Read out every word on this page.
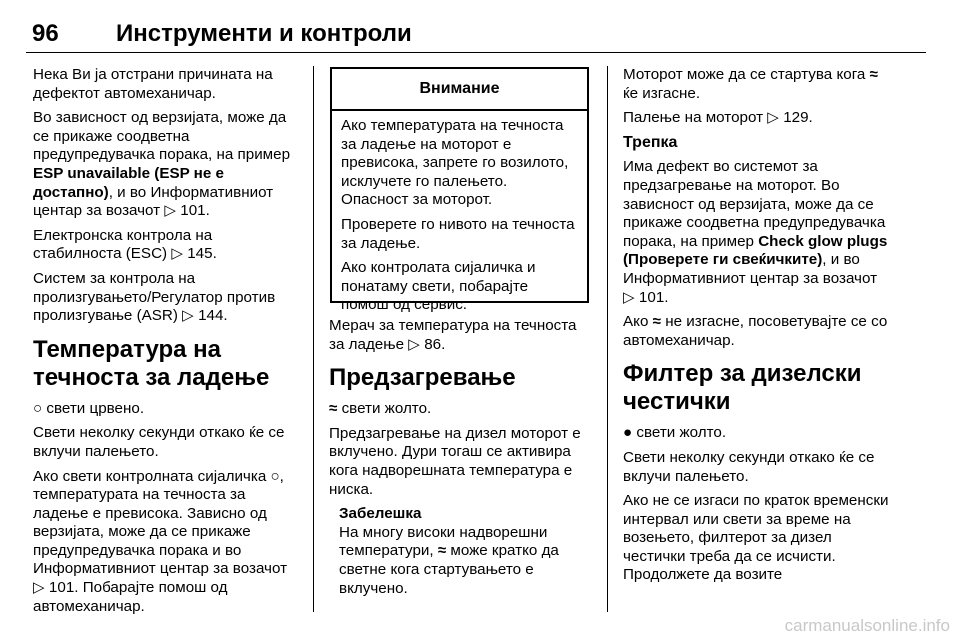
96 Инструменти и контроли

Нека Ви ја отстрани причината на дефектот автомеханичар.

Во зависност од верзијата, може да се прикаже соодветна предупредувачка порака, на пример ESP unavailable (ESP не е достапно), и во Информативниот центар за возачот ▷ 101.

Електронска контрола на стабилноста (ESC) ▷ 145.

Систем за контрола на пролизгувањето/Регулатор против пролизгување (ASR) ▷ 144.

Температура на течноста за ладење

○ свети црвено.

Свети неколку секунди откако ќе се вклучи палењето.

Ако свети контролната сијаличка ○, температурата на течноста за ладење е превисока. Зависно од верзијата, може да се прикаже предупредувачка порака и во Информативниот центар за возачот ▷ 101. Побарајте помош од автомеханичар.

Внимание

Ако температурата на течноста за ладење на моторот е превисока, запрете го возилото, исклучете го палењето. Опасност за моторот.

Проверете го нивото на течноста за ладење.

Ако контролата сијаличка и понатаму свети, побарајте помош од сервис.

Мерач за температура на течноста за ладење ▷ 86.

Предзагревање

≈ свети жолто.

Предзагревање на дизел моторот е вклучено. Дури тогаш се активира кога надворешната температура е ниска.

Забелешка

На многу високи надворешни температури, ≈ може кратко да светне кога стартувањето е вклучено.

Моторот може да се стартува кога ≈ ќе изгасне.

Палење на моторот ▷ 129.

Трепка

Има дефект во системот за предзагревање на моторот. Во зависност од верзијата, може да се прикаже соодветна предупредувачка порака, на пример Check glow plugs (Проверете ги свеќичките), и во Информативниот центар за возачот ▷ 101.

Ако ≈ не изгасне, посоветувајте се со автомеханичар.

Филтер за дизелски честички

● свети жолто.

Свети неколку секунди откако ќе се вклучи палењето.

Ако не се изгаси по краток временски интервал или свети за време на возењето, филтерот за дизел честички треба да се исчисти. Продолжете да возите

carmanualsonline.info
